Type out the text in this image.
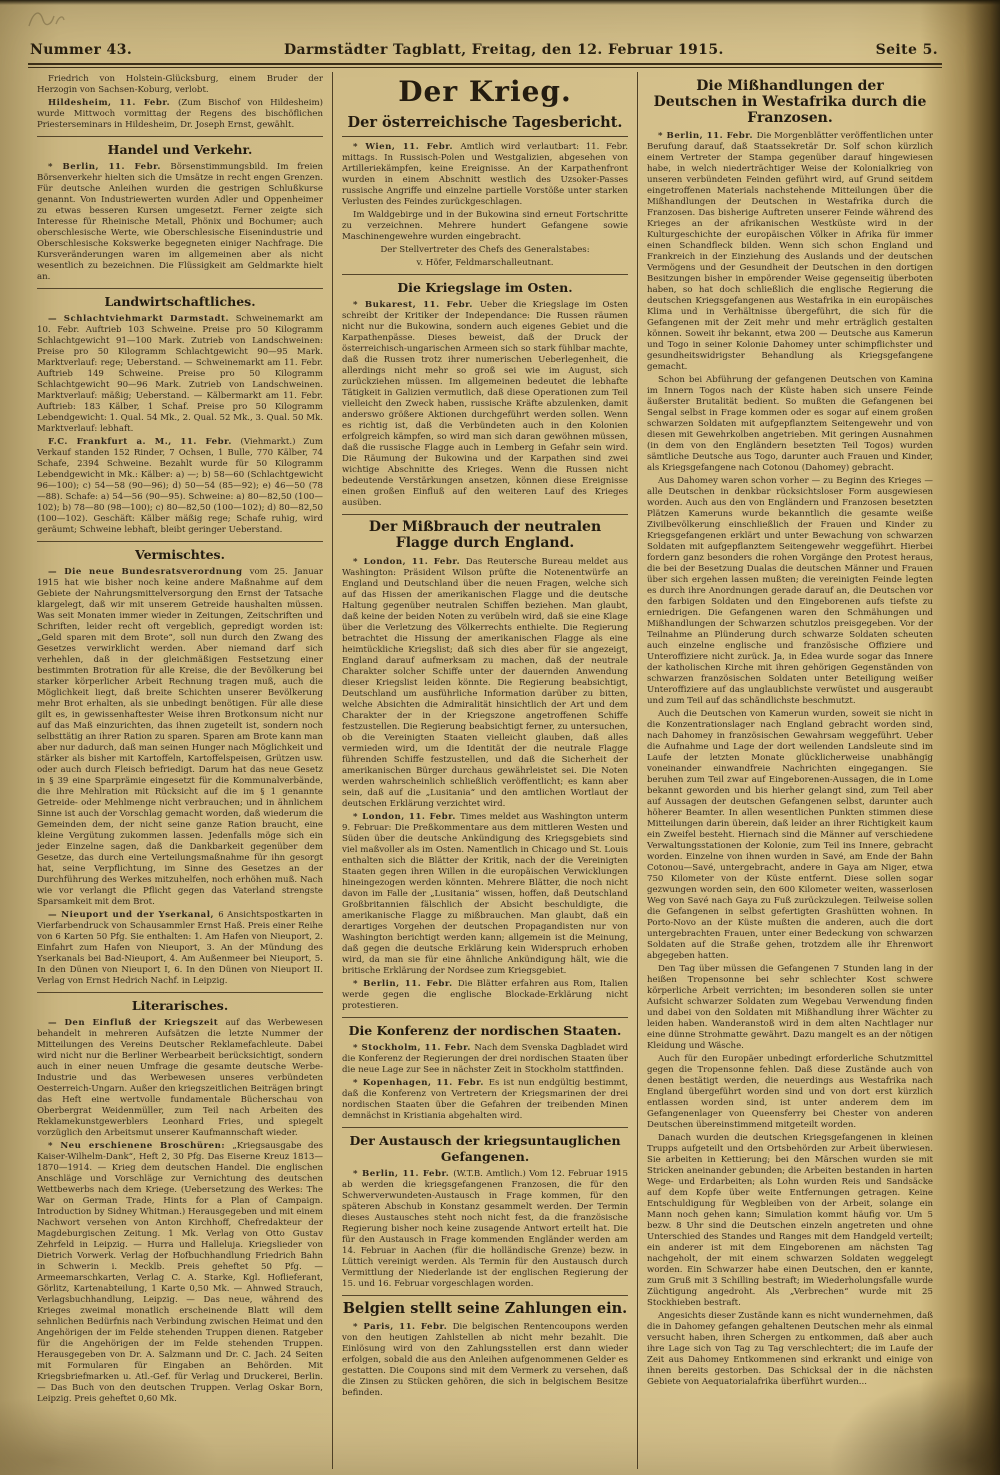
Nummer 43.	Darmstädter Tagblatt, Freitag, den 12. Februar 1915.	Seite 5.

Friedrich von Holstein-Glücksburg, einem Bruder der Herzogin von Sachsen-Koburg, verlobt.

Hildesheim, 11. Febr. (Zum Bischof von Hildesheim) wurde Mittwoch vormittag der Regens des bischöflichen Priesterseminars in Hildesheim, Dr. Joseph Ernst, gewählt.

Handel und Verkehr.

* Berlin, 11. Febr. Börsenstimmungsbild. Im freien Börsenverkehr hielten sich die Umsätze in recht engen Grenzen. Für deutsche Anleihen wurden die gestrigen Schlußkurse genannt. Von Industriewerten wurden Adler und Oppenheimer zu etwas besseren Kursen umgesetzt. Ferner zeigte sich Interesse für Rheinische Metall, Phönix und Bochumer; auch oberschlesische Werte, wie Oberschlesische Eisenindustrie und Oberschlesische Kokswerke begegneten einiger Nachfrage. Die Kursveränderungen waren im allgemeinen aber als nicht wesentlich zu bezeichnen. Die Flüssigkeit am Geldmarkte hielt an.

Landwirtschaftliches.

— Schlachtviehmarkt Darmstadt. Schweinemarkt am 10. Febr. Auftrieb 103 Schweine. Preise pro 50 Kilogramm Schlachtgewicht 91—100 Mark. Zutrieb von Landschweinen: Preise pro 50 Kilogramm Schlachtgewicht 90—95 Mark. Marktverlauf: rege; Ueberstand. — Schweinemarkt am 11. Febr. Auftrieb 149 Schweine. Preise pro 50 Kilogramm Schlachtgewicht 90—96 Mark. Zutrieb von Landschweinen. Marktverlauf: mäßig; Ueberstand. — Kälbermarkt am 11. Febr. Auftrieb: 183 Kälber, 1 Schaf. Preise pro 50 Kilogramm Lebendgewicht: 1. Qual. 54 Mk., 2. Qual. 52 Mk., 3. Qual. 50 Mk. Marktverlauf: lebhaft.

F.C. Frankfurt a. M., 11. Febr. (Viehmarkt.) Zum Verkauf standen 152 Rinder, 7 Ochsen, 1 Bulle, 770 Kälber, 74 Schafe, 2394 Schweine. Bezahlt wurde für 50 Kilogramm Lebendgewicht in Mk.: Kälber: a) —; b) 58—60 (Schlachtgewicht 96—100); c) 54—58 (90—96); d) 50—54 (85—92); e) 46—50 (78—88). Schafe: a) 54—56 (90—95). Schweine: a) 80—82,50 (100—102); b) 78—80 (98—100); c) 80—82,50 (100—102); d) 80—82,50 (100—102). Geschäft: Kälber mäßig rege; Schafe ruhig, wird geräumt; Schweine lebhaft, bleibt geringer Ueberstand.

Vermischtes.

— Die neue Bundesratsverordnung vom 25. Januar 1915 hat wie bisher noch keine andere Maßnahme auf dem Gebiete der Nahrungsmittelversorgung den Ernst der Tatsache klargelegt, daß wir mit unserem Getreide haushalten müssen. Was seit Monaten immer wieder in Zeitungen, Zeitschriften und Schriften, leider recht oft vergeblich, gepredigt worden ist: „Geld sparen mit dem Brote“, soll nun durch den Zwang des Gesetzes verwirklicht werden. Aber niemand darf sich verhehlen, daß in der gleichmäßigen Festsetzung einer bestimmten Brotration für alle Kreise, die der Bevölkerung bei starker körperlicher Arbeit Rechnung tragen muß, auch die Möglichkeit liegt, daß breite Schichten unserer Bevölkerung mehr Brot erhalten, als sie unbedingt benötigen. Für alle diese gilt es, in gewissenhaftester Weise ihren Brotkonsum nicht nur auf das Maß einzurichten, das ihnen zugeteilt ist, sondern noch selbsttätig an ihrer Ration zu sparen. Sparen am Brote kann man aber nur dadurch, daß man seinen Hunger nach Möglichkeit und stärker als bisher mit Kartoffeln, Kartoffelspeisen, Grützen usw. oder auch durch Fleisch befriedigt. Darum hat das neue Gesetz in § 39 eine Sparprämie eingesetzt für die Kommunalverbände, die ihre Mehlration mit Rücksicht auf die im § 1 genannte Getreide- oder Mehlmenge nicht verbrauchen; und in ähnlichem Sinne ist auch der Vorschlag gemacht worden, daß wiederum die Gemeinden dem, der nicht seine ganze Ration braucht, eine kleine Vergütung zukommen lassen. Jedenfalls möge sich ein jeder Einzelne sagen, daß die Dankbarkeit gegenüber dem Gesetze, das durch eine Verteilungsmaßnahme für ihn gesorgt hat, seine Verpflichtung, im Sinne des Gesetzes an der Durchführung des Werkes mitzuhelfen, noch erhöhen muß. Nach wie vor verlangt die Pflicht gegen das Vaterland strengste Sparsamkeit mit dem Brot.

— Nieuport und der Yserkanal, 6 Ansichtspostkarten in Vierfarbendruck von Schausammler Ernst Haß. Preis einer Reihe von 6 Karten 50 Pfg. Sie enthalten: 1. Am Hafen von Nieuport, 2. Einfahrt zum Hafen von Nieuport, 3. An der Mündung des Yserkanals bei Bad-Nieuport, 4. Am Außenmeer bei Nieuport, 5. In den Dünen von Nieuport I, 6. In den Dünen von Nieuport II. Verlag von Ernst Hedrich Nachf. in Leipzig.

Literarisches.

— Den Einfluß der Kriegszeit auf das Werbewesen behandelt in mehreren Aufsätzen die letzte Nummer der Mitteilungen des Vereins Deutscher Reklamefachleute. Dabei wird nicht nur die Berliner Werbearbeit berücksichtigt, sondern auch in einer neuen Umfrage die gesamte deutsche Werbe-Industrie und das Werbewesen unseres verbündeten Oesterreich-Ungarn. Außer den kriegszeitlichen Beiträgen bringt das Heft eine wertvolle fundamentale Bücherschau von Oberbergrat Weidenmüller, zum Teil nach Arbeiten des Reklamekunstgewerblers Leonhard Fries, und spiegelt vorzüglich den Arbeitsmut unserer Kaufmannschaft wieder.

* Neu erschienene Broschüren: „Kriegsausgabe des Kaiser-Wilhelm-Dank“, Heft 2, 30 Pfg. Das Eiserne Kreuz 1813—1870—1914. — Krieg dem deutschen Handel. Die englischen Anschläge und Vorschläge zur Vernichtung des deutschen Wettbewerbs nach dem Kriege. (Uebersetzung des Werkes: The War on German Trade, Hints for a Plan of Campaign. Introduction by Sidney Whitman.) Herausgegeben und mit einem Nachwort versehen von Anton Kirchhoff, Chefredakteur der Magdeburgischen Zeitung. 1 Mk. Verlag von Otto Gustav Zehrfeld in Leipzig. — Hurra und Halleluja. Kriegslieder von Dietrich Vorwerk. Verlag der Hofbuchhandlung Friedrich Bahn in Schwerin i. Mecklb. Preis geheftet 50 Pfg. — Armeemarschkarten, Verlag C. A. Starke, Kgl. Hoflieferant, Görlitz, Kartenabteilung, 1 Karte 0,50 Mk. — Ahnwed Strauch, Verlagsbuchhandlung, Leipzig. — Das neue, während des Krieges zweimal monatlich erscheinende Blatt will dem sehnlichen Bedürfnis nach Verbindung zwischen Heimat und den Angehörigen der im Felde stehenden Truppen dienen. Ratgeber für die Angehörigen der im Felde stehenden Truppen. Herausgegeben von Dr. A. Salzmann und Dr. C. Jach. 24 Seiten mit Formularen für Eingaben an Behörden. Mit Kriegsbriefmarken u. Atl.-Gef. für Verlag und Druckerei, Berlin. — Das Buch von den deutschen Truppen. Verlag Oskar Born, Leipzig. Preis geheftet 0,60 Mk.

Der Krieg.
Der österreichische Tagesbericht.

* Wien, 11. Febr. Amtlich wird verlautbart: 11. Febr. mittags. In Russisch-Polen und Westgalizien, abgesehen von Artilleriekämpfen, keine Ereignisse. An der Karpathenfront wurden in einem Abschnitt westlich des Uzsoker-Passes russische Angriffe und einzelne partielle Vorstöße unter starken Verlusten des Feindes zurückgeschlagen.

Im Waldgebirge und in der Bukowina sind erneut Fortschritte zu verzeichnen. Mehrere hundert Gefangene sowie Maschinengewehre wurden eingebracht.

Der Stellvertreter des Chefs des Generalstabes:

v. Höfer, Feldmarschalleutnant.

Die Kriegslage im Osten.

* Bukarest, 11. Febr. Ueber die Kriegslage im Osten schreibt der Kritiker der Independance: Die Russen räumen nicht nur die Bukowina, sondern auch eigenes Gebiet und die Karpathenpässe. Dieses beweist, daß der Druck der österreichisch-ungarischen Armeen sich so stark fühlbar machte, daß die Russen trotz ihrer numerischen Ueberlegenheit, die allerdings nicht mehr so groß sei wie im August, sich zurückziehen müssen. Im allgemeinen bedeutet die lebhafte Tätigkeit in Galizien vermutlich, daß diese Operationen zum Teil vielleicht den Zweck haben, russische Kräfte abzulenken, damit anderswo größere Aktionen durchgeführt werden sollen. Wenn es richtig ist, daß die Verbündeten auch in den Kolonien erfolgreich kämpfen, so wird man sich daran gewöhnen müssen, daß die russische Flagge auch in Lemberg in Gefahr sein wird. Die Räumung der Bukowina und der Karpathen sind zwei wichtige Abschnitte des Krieges. Wenn die Russen nicht bedeutende Verstärkungen ansetzen, können diese Ereignisse einen großen Einfluß auf den weiteren Lauf des Krieges ausüben.

Der Mißbrauch der neutralen Flagge durch England.

* London, 11. Febr. Das Reutersche Bureau meldet aus Washington: Präsident Wilson prüfte die Notenentwürfe an England und Deutschland über die neuen Fragen, welche sich auf das Hissen der amerikanischen Flagge und die deutsche Haltung gegenüber neutralen Schiffen beziehen. Man glaubt, daß keine der beiden Noten zu verübeln wird, daß sie eine Klage über die Verletzung des Völkerrechts enthielte. Die Regierung betrachtet die Hissung der amerikanischen Flagge als eine heimtückliche Kriegslist; daß sich dies aber für sie angezeigt, England darauf aufmerksam zu machen, daß der neutrale Charakter solcher Schiffe unter der dauernden Anwendung dieser Kriegslist leiden könnte. Die Regierung beabsichtigt, Deutschland um ausführliche Information darüber zu bitten, welche Absichten die Admiralität hinsichtlich der Art und dem Charakter der in der Kriegszone angetroffenen Schiffe festzustellen. Die Regierung beabsichtigt ferner, zu untersuchen, ob die Vereinigten Staaten vielleicht glauben, daß alles vermieden wird, um die Identität der die neutrale Flagge führenden Schiffe festzustellen, und daß die Sicherheit der amerikanischen Bürger durchaus gewährleistet sei. Die Noten werden wahrscheinlich schließlich veröffentlicht; es kann aber sein, daß auf die „Lusitania“ und den amtlichen Wortlaut der deutschen Erklärung verzichtet wird.

* London, 11. Febr. Times meldet aus Washington unterm 9. Februar: Die Preßkommentare aus dem mittleren Westen und Süden über die deutsche Ankündigung des Kriegsgebiets sind viel maßvoller als im Osten. Namentlich in Chicago und St. Louis enthalten sich die Blätter der Kritik, nach der die Vereinigten Staaten gegen ihren Willen in die europäischen Verwicklungen hineingezogen werden könnten. Mehrere Blätter, die noch nicht davon im Falle der „Lusitania“ wissen, hoffen, daß Deutschland Großbritannien fälschlich der Absicht beschuldigte, die amerikanische Flagge zu mißbrauchen. Man glaubt, daß ein derartiges Vorgehen der deutschen Propagandisten nur von Washington berichtigt werden kann; allgemein ist die Meinung, daß gegen die deutsche Erklärung kein Widerspruch erhoben wird, da man sie für eine ähnliche Ankündigung hält, wie die britische Erklärung der Nordsee zum Kriegsgebiet.

* Berlin, 11. Febr. Die Blätter erfahren aus Rom, Italien werde gegen die englische Blockade-Erklärung nicht protestieren.

Die Konferenz der nordischen Staaten.

* Stockholm, 11. Febr. Nach dem Svenska Dagbladet wird die Konferenz der Regierungen der drei nordischen Staaten über die neue Lage zur See in nächster Zeit in Stockholm stattfinden.

* Kopenhagen, 11. Febr. Es ist nun endgültig bestimmt, daß die Konferenz von Vertretern der Kriegsmarinen der drei nordischen Staaten über die Gefahren der treibenden Minen demnächst in Kristiania abgehalten wird.

Der Austausch der kriegsuntauglichen Gefangenen.

* Berlin, 11. Febr. (W.T.B. Amtlich.) Vom 12. Februar 1915 ab werden die kriegsgefangenen Franzosen, die für den Schwerverwundeten-Austausch in Frage kommen, für den späteren Abschub in Konstanz gesammelt werden. Der Termin dieses Austausches steht noch nicht fest, da die französische Regierung bisher noch keine zusagende Antwort erteilt hat. Die für den Austausch in Frage kommenden Engländer werden am 14. Februar in Aachen (für die holländische Grenze) bezw. in Lüttich vereinigt werden. Als Termin für den Austausch durch Vermittlung der Niederlande ist der englischen Regierung der 15. und 16. Februar vorgeschlagen worden.

Belgien stellt seine Zahlungen ein.

* Paris, 11. Febr. Die belgischen Rentencoupons werden von den heutigen Zahlstellen ab nicht mehr bezahlt. Die Einlösung wird von den Zahlungsstellen erst dann wieder erfolgen, sobald die aus den Anleihen aufgenommenen Gelder es gestatten. Die Coupons sind mit dem Vermerk zu versehen, daß die Zinsen zu Stücken gehören, die sich in belgischem Besitze befinden.

Die Mißhandlungen der Deutschen in Westafrika durch die Franzosen.

* Berlin, 11. Febr. Die Morgenblätter veröffentlichen unter Berufung darauf, daß Staatssekretär Dr. Solf schon kürzlich einem Vertreter der Stampa gegenüber darauf hingewiesen habe, in welch niederträchtiger Weise der Kolonialkrieg von unseren verbündeten Feinden geführt wird, auf Grund seitdem eingetroffenen Materials nachstehende Mitteilungen über die Mißhandlungen der Deutschen in Westafrika durch die Franzosen. Das bisherige Auftreten unserer Feinde während des Krieges an der afrikanischen Westküste wird in der Kulturgeschichte der europäischen Völker in Afrika für immer einen Schandfleck bilden. Wenn sich schon England und Frankreich in der Einziehung des Auslands und der deutschen Vermögens und der Gesundheit der Deutschen in den dortigen Besitzungen bisher in empörender Weise gegenseitig überboten haben, so hat doch schließlich die englische Regierung die deutschen Kriegsgefangenen aus Westafrika in ein europäisches Klima und in Verhältnisse übergeführt, die sich für die Gefangenen mit der Zeit mehr und mehr erträglich gestalten können. Soweit ihr bekannt, etwa 200 — Deutsche aus Kamerun und Togo in seiner Kolonie Dahomey unter schimpflichster und gesundheitswidrigster Behandlung als Kriegsgefangene gemacht.

Schon bei Abführung der gefangenen Deutschen von Kamina im Innern Togos nach der Küste haben sich unsere Feinde äußerster Brutalität bedient. So mußten die Gefangenen bei Sengal selbst in Frage kommen oder es sogar auf einem großen schwarzen Soldaten mit aufgepflanztem Seitengewehr und von diesen mit Gewehrkolben angetrieben. Mit geringen Ausnahmen (in dem von den Engländern besetzten Teil Togos) wurden sämtliche Deutsche aus Togo, darunter auch Frauen und Kinder, als Kriegsgefangene nach Cotonou (Dahomey) gebracht.

Aus Dahomey waren schon vorher — zu Beginn des Krieges — alle Deutschen in denkbar rücksichtsloser Form ausgewiesen worden. Auch aus den von Engländern und Franzosen besetzten Plätzen Kameruns wurde bekanntlich die gesamte weiße Zivilbevölkerung einschließlich der Frauen und Kinder zu Kriegsgefangenen erklärt und unter Bewachung von schwarzen Soldaten mit aufgepflanztem Seitengewehr weggeführt. Hierbei fordern ganz besonders die rohen Vorgänge den Protest heraus, die bei der Besetzung Dualas die deutschen Männer und Frauen über sich ergehen lassen mußten; die vereinigten Feinde legten es durch ihre Anordnungen gerade darauf an, die Deutschen vor den farbigen Soldaten und den Eingeborenen aufs tiefste zu erniedrigen. Die Gefangenen waren den Schmähungen und Mißhandlungen der Schwarzen schutzlos preisgegeben. Vor der Teilnahme an Plünderung durch schwarze Soldaten scheuten auch einzelne englische und französische Offiziere und Unteroffiziere nicht zurück. Ja, in Edea wurde sogar das Innere der katholischen Kirche mit ihren gehörigen Gegenständen von schwarzen französischen Soldaten unter Beteiligung weißer Unteroffiziere auf das unglaublichste verwüstet und ausgeraubt und zum Teil auf das schändlichste beschmutzt.

Auch die Deutschen von Kamerun wurden, soweit sie nicht in die Konzentrationslager nach England gebracht worden sind, nach Dahomey in französischen Gewahrsam weggeführt. Ueber die Aufnahme und Lage der dort weilenden Landsleute sind im Laufe der letzten Monate glücklicherweise unabhängig voneinander einwandfreie Nachrichten eingegangen. Sie beruhen zum Teil zwar auf Eingeborenen-Aussagen, die in Lome bekannt geworden und bis hierher gelangt sind, zum Teil aber auf Aussagen der deutschen Gefangenen selbst, darunter auch höherer Beamter. In allen wesentlichen Punkten stimmen diese Mitteilungen darin überein, daß leider an ihrer Richtigkeit kaum ein Zweifel besteht. Hiernach sind die Männer auf verschiedene Verwaltungsstationen der Kolonie, zum Teil ins Innere, gebracht worden. Einzelne von ihnen wurden in Savé, am Ende der Bahn Cotonou—Savé, untergebracht, andere in Gaya am Niger, etwa 750 Kilometer von der Küste entfernt. Diese sollen sogar gezwungen worden sein, den 600 Kilometer weiten, wasserlosen Weg von Savé nach Gaya zu Fuß zurückzulegen. Teilweise sollen die Gefangenen in selbst gefertigten Grashütten wohnen. In Porto-Novo an der Küste mußten die anderen, auch die dort untergebrachten Frauen, unter einer Bedeckung von schwarzen Soldaten auf die Straße gehen, trotzdem alle ihr Ehrenwort abgegeben hatten.

Den Tag über müssen die Gefangenen 7 Stunden lang in der heißen Tropensonne bei sehr schlechter Kost schwere körperliche Arbeit verrichten; im besonderen sollen sie unter Aufsicht schwarzer Soldaten zum Wegebau Verwendung finden und dabei von den Soldaten mit Mißhandlung ihrer Wächter zu leiden haben. Wanderanstoß wird in dem alten Nachtlager nur eine dünne Strohmatte gewährt. Dazu mangelt es an der nötigen Kleidung und Wäsche.

Auch für den Europäer unbedingt erforderliche Schutzmittel gegen die Tropensonne fehlen. Daß diese Zustände auch von denen bestätigt werden, die neuerdings aus Westafrika nach England übergeführt worden sind und von dort erst kürzlich entlassen worden sind, ist unter anderem dem im Gefangenenlager von Queensferry bei Chester von anderen Deutschen übereinstimmend mitgeteilt worden.

Danach wurden die deutschen Kriegsgefangenen in kleinen Trupps aufgeteilt und den Ortsbehörden zur Arbeit überwiesen. Sie arbeiten in Kettierung; bei den Märschen wurden sie mit Stricken aneinander gebunden; die Arbeiten bestanden in harten Wege- und Erdarbeiten; als Lohn wurden Reis und Sandsäcke auf dem Kopfe über weite Entfernungen getragen. Keine Entschuldigung für Wegbleiben von der Arbeit, solange ein Mann noch gehen kann; Simulation kommt häufig vor. Um 5 bezw. 8 Uhr sind die Deutschen einzeln angetreten und ohne Unterschied des Standes und Ranges mit dem Handgeld verteilt; ein anderer ist mit dem Eingeborenen am nächsten Tag nachgeholt, der mit einem schwarzen Soldaten weggelegt worden. Ein Schwarzer habe einen Deutschen, den er kannte, zum Gruß mit 3 Schilling bestraft; im Wiederholungsfalle wurde Züchtigung angedroht. Als „Verbrechen“ wurde mit 25 Stockhieben bestraft.

Angesichts dieser Zustände kann es nicht wundernehmen, daß die in Dahomey gefangen gehaltenen Deutschen mehr als einmal versucht haben, ihren Schergen zu entkommen, daß aber auch ihre Lage sich von Tag zu Tag verschlechtert; die im Laufe der Zeit aus Dahomey Entkommenen sind erkrankt und einige von ihnen bereits gestorben. Das Schicksal der in die nächsten Gebiete von Aequatorialafrika überführt wurden...
